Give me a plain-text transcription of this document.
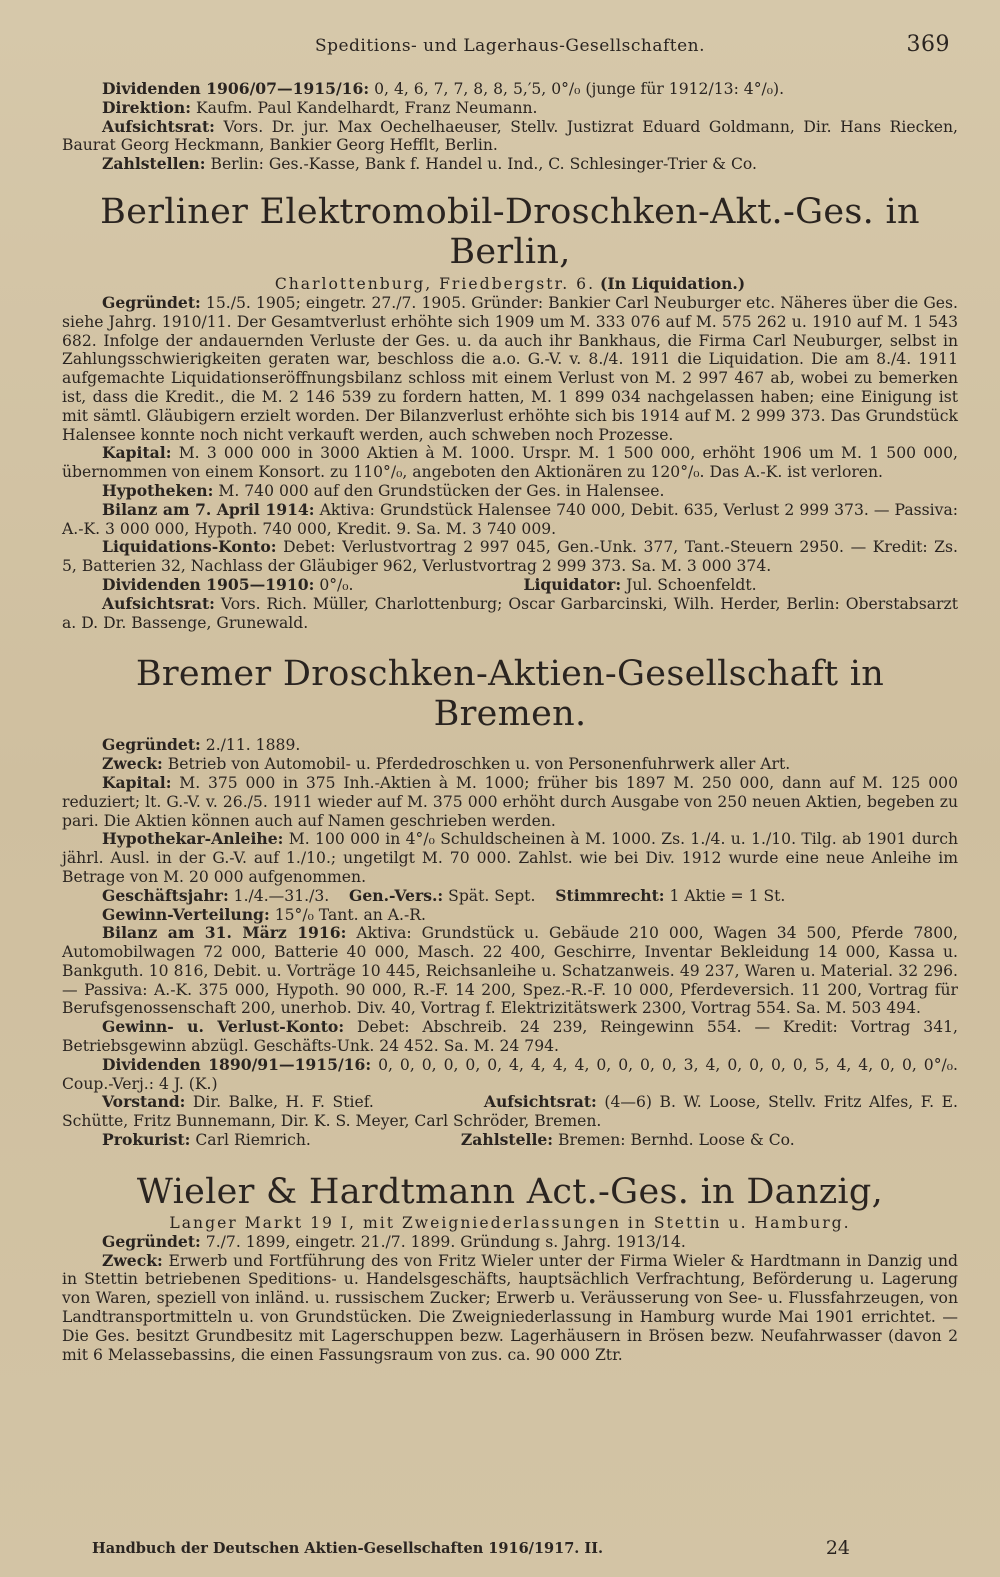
Speditions- und Lagerhaus-Gesellschaften.	369

Dividenden 1906/07—1915/16: 0, 4, 6, 7, 7, 8, 8, 5,′5, 0°/₀ (junge für 1912/13: 4°/₀).

Direktion: Kaufm. Paul Kandelhardt, Franz Neumann.

Aufsichtsrat: Vors. Dr. jur. Max Oechelhaeuser, Stellv. Justizrat Eduard Goldmann, Dir. Hans Riecken, Baurat Georg Heckmann, Bankier Georg Hefflt, Berlin.

Zahlstellen: Berlin: Ges.-Kasse, Bank f. Handel u. Ind., C. Schlesinger-Trier & Co.

Berliner Elektromobil-Droschken-Akt.-Ges. in Berlin,
Charlottenburg, Friedbergstr. 6. (In Liquidation.)

Gegründet: 15./5. 1905; eingetr. 27./7. 1905. Gründer: Bankier Carl Neuburger etc. Näheres über die Ges. siehe Jahrg. 1910/11. Der Gesamtverlust erhöhte sich 1909 um M. 333 076 auf M. 575 262 u. 1910 auf M. 1 543 682. Infolge der andauernden Verluste der Ges. u. da auch ihr Bankhaus, die Firma Carl Neuburger, selbst in Zahlungsschwierigkeiten geraten war, beschloss die a.o. G.-V. v. 8./4. 1911 die Liquidation. Die am 8./4. 1911 aufgemachte Liquidationseröffnungsbilanz schloss mit einem Verlust von M. 2 997 467 ab, wobei zu bemerken ist, dass die Kredit., die M. 2 146 539 zu fordern hatten, M. 1 899 034 nachgelassen haben; eine Einigung ist mit sämtl. Gläubigern erzielt worden. Der Bilanzverlust erhöhte sich bis 1914 auf M. 2 999 373. Das Grundstück Halensee konnte noch nicht verkauft werden, auch schweben noch Prozesse.

Kapital: M. 3 000 000 in 3000 Aktien à M. 1000. Urspr. M. 1 500 000, erhöht 1906 um M. 1 500 000, übernommen von einem Konsort. zu 110°/₀, angeboten den Aktionären zu 120°/₀. Das A.-K. ist verloren.

Hypotheken: M. 740 000 auf den Grundstücken der Ges. in Halensee.

Bilanz am 7. April 1914: Aktiva: Grundstück Halensee 740 000, Debit. 635, Verlust 2 999 373. — Passiva: A.-K. 3 000 000, Hypoth. 740 000, Kredit. 9. Sa. M. 3 740 009.

Liquidations-Konto: Debet: Verlustvortrag 2 997 045, Gen.-Unk. 377, Tant.-Steuern 2950. — Kredit: Zs. 5, Batterien 32, Nachlass der Gläubiger 962, Verlustvortrag 2 999 373. Sa. M. 3 000 374.

Dividenden 1905—1910: 0°/₀.	Liquidator: Jul. Schoenfeldt.

Aufsichtsrat: Vors. Rich. Müller, Charlottenburg; Oscar Garbarcinski, Wilh. Herder, Berlin: Oberstabsarzt a. D. Dr. Bassenge, Grunewald.

Bremer Droschken-Aktien-Gesellschaft in Bremen.

Gegründet: 2./11. 1889.

Zweck: Betrieb von Automobil- u. Pferdedroschken u. von Personenfuhrwerk aller Art.

Kapital: M. 375 000 in 375 Inh.-Aktien à M. 1000; früher bis 1897 M. 250 000, dann auf M. 125 000 reduziert; lt. G.-V. v. 26./5. 1911 wieder auf M. 375 000 erhöht durch Ausgabe von 250 neuen Aktien, begeben zu pari. Die Aktien können auch auf Namen geschrieben werden.

Hypothekar-Anleihe: M. 100 000 in 4°/₀ Schuldscheinen à M. 1000. Zs. 1./4. u. 1./10. Tilg. ab 1901 durch jährl. Ausl. in der G.-V. auf 1./10.; ungetilgt M. 70 000. Zahlst. wie bei Div. 1912 wurde eine neue Anleihe im Betrage von M. 20 000 aufgenommen.

Geschäftsjahr: 1./4.—31./3. Gen.-Vers.: Spät. Sept. Stimmrecht: 1 Aktie = 1 St.

Gewinn-Verteilung: 15°/₀ Tant. an A.-R.

Bilanz am 31. März 1916: Aktiva: Grundstück u. Gebäude 210 000, Wagen 34 500, Pferde 7800, Automobilwagen 72 000, Batterie 40 000, Masch. 22 400, Geschirre, Inventar Bekleidung 14 000, Kassa u. Bankguth. 10 816, Debit. u. Vorträge 10 445, Reichsanleihe u. Schatzanweis. 49 237, Waren u. Material. 32 296. — Passiva: A.-K. 375 000, Hypoth. 90 000, R.-F. 14 200, Spez.-R.-F. 10 000, Pferdeversich. 11 200, Vortrag für Berufsgenossenschaft 200, unerhob. Div. 40, Vortrag f. Elektrizitätswerk 2300, Vortrag 554. Sa. M. 503 494.

Gewinn- u. Verlust-Konto: Debet: Abschreib. 24 239, Reingewinn 554. — Kredit: Vortrag 341, Betriebsgewinn abzügl. Geschäfts-Unk. 24 452. Sa. M. 24 794.

Dividenden 1890/91—1915/16: 0, 0, 0, 0, 0, 0, 4, 4, 4, 4, 0, 0, 0, 0, 3, 4, 0, 0, 0, 0, 5, 4, 4, 0, 0, 0°/₀. Coup.-Verj.: 4 J. (K.)

Vorstand: Dir. Balke, H. F. Stief.	Aufsichtsrat: (4—6) B. W. Loose, Stellv. Fritz Alfes, F. E. Schütte, Fritz Bunnemann, Dir. K. S. Meyer, Carl Schröder, Bremen.

Prokurist: Carl Riemrich.	Zahlstelle: Bremen: Bernhd. Loose & Co.

Wieler & Hardtmann Act.-Ges. in Danzig,
Langer Markt 19 I, mit Zweigniederlassungen in Stettin u. Hamburg.

Gegründet: 7./7. 1899, eingetr. 21./7. 1899. Gründung s. Jahrg. 1913/14.

Zweck: Erwerb und Fortführung des von Fritz Wieler unter der Firma Wieler & Hardtmann in Danzig und in Stettin betriebenen Speditions- u. Handelsgeschäfts, hauptsächlich Verfrachtung, Beförderung u. Lagerung von Waren, speziell von inländ. u. russischem Zucker; Erwerb u. Veräusserung von See- u. Flussfahrzeugen, von Landtransportmitteln u. von Grundstücken. Die Zweigniederlassung in Hamburg wurde Mai 1901 errichtet. — Die Ges. besitzt Grundbesitz mit Lagerschuppen bezw. Lagerhäusern in Brösen bezw. Neufahrwasser (davon 2 mit 6 Melassebassins, die einen Fassungsraum von zus. ca. 90 000 Ztr.

Handbuch der Deutschen Aktien-Gesellschaften 1916/1917. II.	24
